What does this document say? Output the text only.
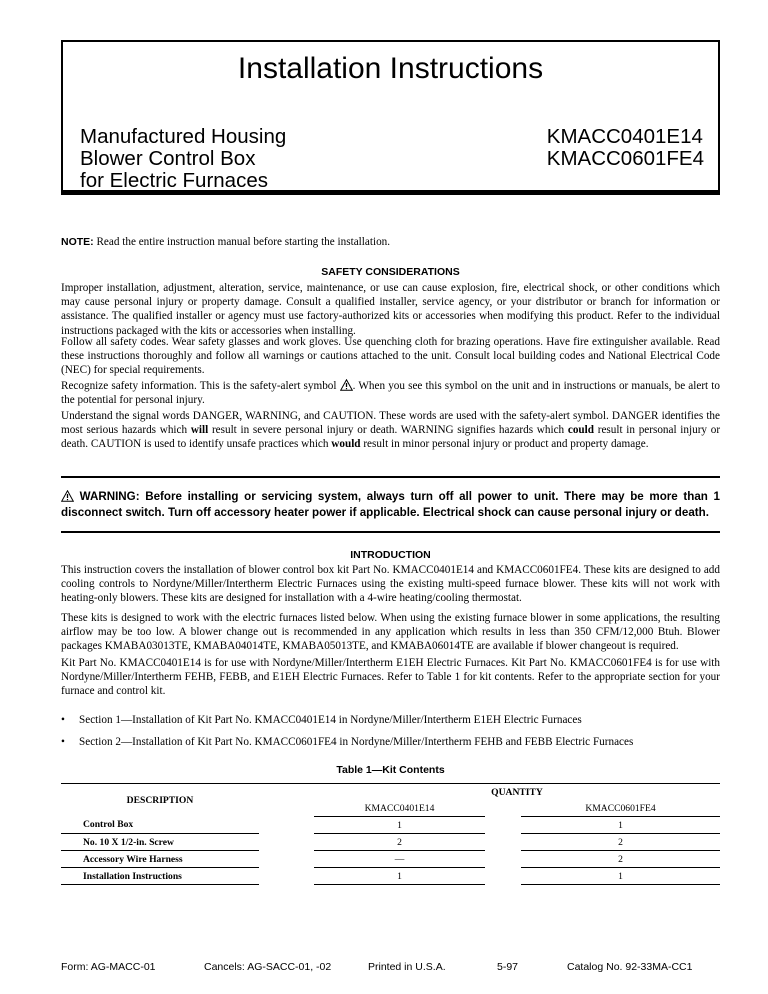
Installation Instructions
Manufactured Housing
Blower Control Box
for Electric Furnaces
KMACC0401E14
KMACC0601FE4
NOTE: Read the entire instruction manual before starting the installation.
SAFETY CONSIDERATIONS

Improper installation, adjustment, alteration, service, maintenance, or use can cause explosion, fire, electrical shock, or other conditions which may cause personal injury or property damage. Consult a qualified installer, service agency, or your distributor or branch for information or assistance. The qualified installer or agency must use factory-authorized kits or accessories when modifying this product. Refer to the individual instructions packaged with the kits or accessories when installing.

Follow all safety codes. Wear safety glasses and work gloves. Use quenching cloth for brazing operations. Have fire extinguisher available. Read these instructions thoroughly and follow all warnings or cautions attached to the unit. Consult local building codes and National Electrical Code (NEC) for special requirements.

Recognize safety information. This is the safety-alert symbol . When you see this symbol on the unit and in instructions or manuals, be alert to the potential for personal injury.

Understand the signal words DANGER, WARNING, and CAUTION. These words are used with the safety-alert symbol. DANGER identifies the most serious hazards which will result in severe personal injury or death. WARNING signifies hazards which could result in personal injury or death. CAUTION is used to identify unsafe practices which would result in minor personal injury or product and property damage.

WARNING: Before installing or servicing system, always turn off all power to unit. There may be more than 1 disconnect switch. Turn off accessory heater power if applicable. Electrical shock can cause personal injury or death.
INTRODUCTION

This instruction covers the installation of blower control box kit Part No. KMACC0401E14 and KMACC0601FE4. These kits are designed to add cooling controls to Nordyne/Miller/Intertherm Electric Furnaces using the existing multi-speed furnace blower. These kits will not work with heating-only blowers. These kits are designed for installation with a 4-wire heating/cooling thermostat.

These kits is designed to work with the electric furnaces listed below. When using the existing furnace blower in some applications, the resulting airflow may be too low. A blower change out is recommended in any application which results in less than 350 CFM/12,000 Btuh. Blower packages KMABA03013TE, KMABA04014TE, KMABA05013TE, and KMABA06014TE are available if blower changeout is required.

Kit Part No. KMACC0401E14 is for use with Nordyne/Miller/Intertherm E1EH Electric Furnaces. Kit Part No. KMACC0601FE4 is for use with Nordyne/Miller/Intertherm FEHB, FEBB, and E1EH Electric Furnaces. Refer to Table 1 for kit contents. Refer to the appropriate section for your furnace and control kit.

• Section 1—Installation of Kit Part No. KMACC0401E14 in Nordyne/Miller/Intertherm E1EH Electric Furnaces
• Section 2—Installation of Kit Part No. KMACC0601FE4 in Nordyne/Miller/Intertherm FEHB and FEBB Electric Furnaces
Table 1—Kit Contents
DESCRIPTION		QUANTITY		
		KMACC0401E14		KMACC0601FE4
Control Box		1		1
No. 10 X 1/2-in. Screw		2		2
Accessory Wire Harness		—		2
Installation Instructions		1		1
Form: AG-MACC-01	Cancels: AG-SACC-01, -02	Printed in U.S.A.	5-97	Catalog No. 92-33MA-CC1
